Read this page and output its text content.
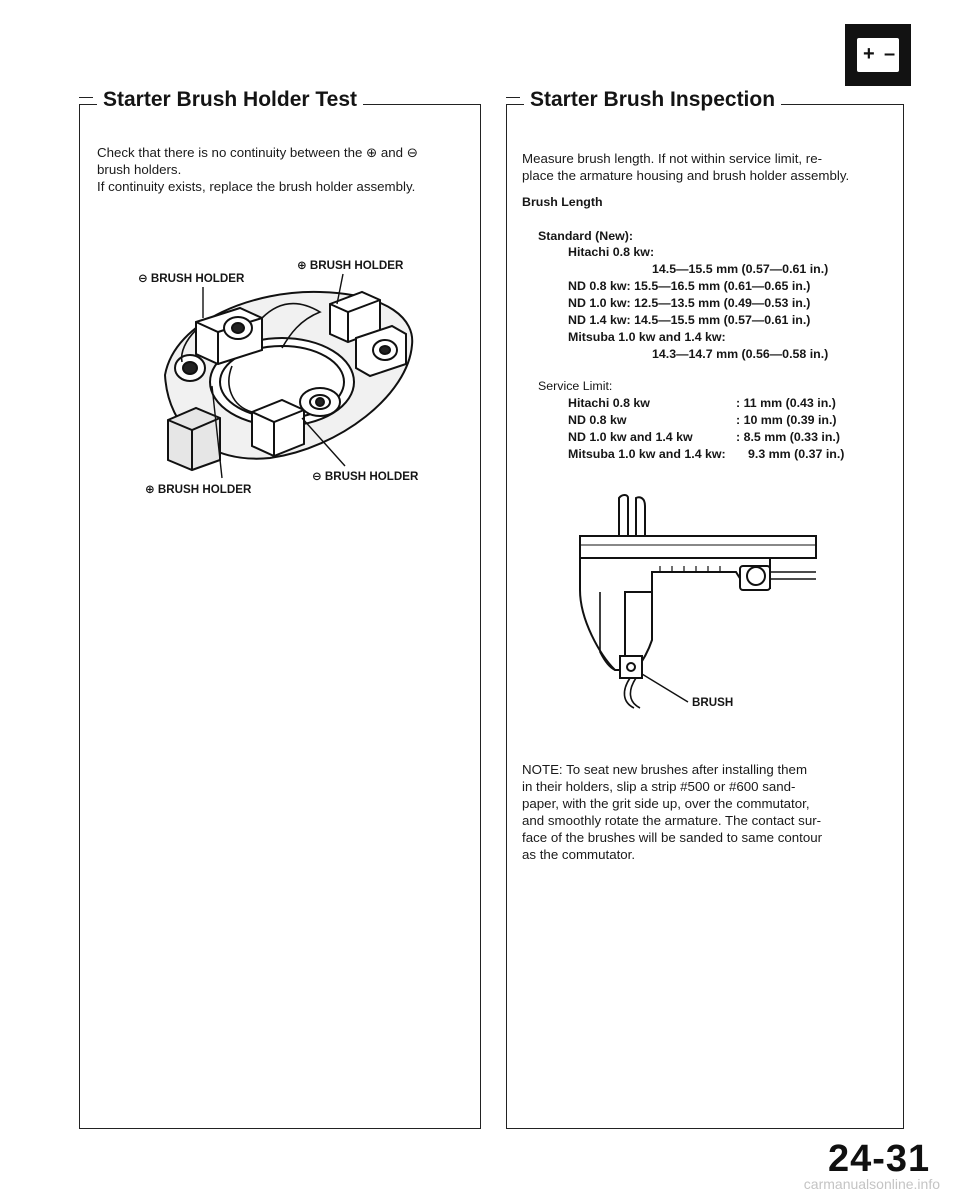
+ –
Starter Brush Holder Test	Starter Brush Inspection
Check that there is no continuity between the ⊕ and ⊖
brush holders.
If continuity exists, replace the brush holder assembly.
⊖ BRUSH HOLDER
⊕ BRUSH HOLDER
⊖ BRUSH HOLDER
⊕ BRUSH HOLDER
Measure brush length. If not within service limit, re-
place the armature housing and brush holder assembly.
Brush Length
Standard (New):
Hitachi 0.8 kw:
14.5—15.5 mm (0.57—0.61 in.)
ND 0.8 kw: 15.5—16.5 mm (0.61—0.65 in.)
ND 1.0 kw: 12.5—13.5 mm (0.49—0.53 in.)
ND 1.4 kw: 14.5—15.5 mm (0.57—0.61 in.)
Mitsuba 1.0 kw and 1.4 kw:
14.3—14.7 mm (0.56—0.58 in.)
Service Limit:
Hitachi 0.8 kw	: 11 mm (0.43 in.)
ND 0.8 kw	: 10 mm (0.39 in.)
ND 1.0 kw and 1.4 kw	: 8.5 mm (0.33 in.)
Mitsuba 1.0 kw and 1.4 kw: 9.3 mm (0.37 in.)
BRUSH
NOTE: To seat new brushes after installing them
in their holders, slip a strip #500 or #600 sand-
paper, with the grit side up, over the commutator,
and smoothly rotate the armature. The contact sur-
face of the brushes will be sanded to same contour
as the commutator.
24-31
carmanualsonline.info
